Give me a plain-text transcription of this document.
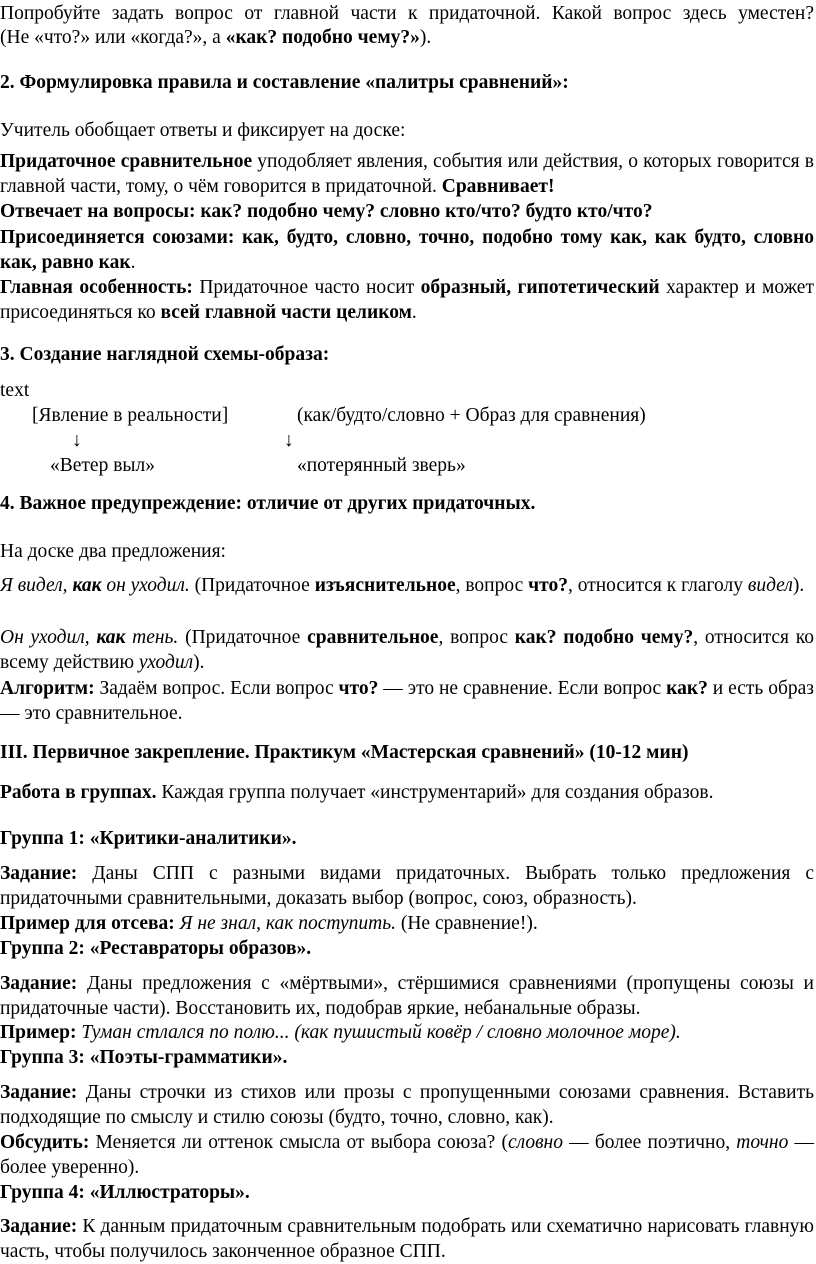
Попробуйте задать вопрос от главной части к придаточной. Какой вопрос здесь уместен?

(Не «что?» или «когда?», а «как? подобно чему?»).

2. Формулировка правила и составление «палитры сравнений»:

Учитель обобщает ответы и фиксирует на доске:

Придаточное сравнительное уподобляет явления, события или действия, о которых говорится в главной части, тому, о чём говорится в придаточной. Сравнивает!

Отвечает на вопросы: как? подобно чему? словно кто/что? будто кто/что?

Присоединяется союзами: как, будто, словно, точно, подобно тому как, как будто, словно как, равно как.

Главная особенность: Придаточное часто носит образный, гипотетический характер и может присоединяться ко всей главной части целиком.

3. Создание наглядной схемы-образа:

text
[Явление в реальности]	(как/будто/словно + Образ для сравнения)
↓	↓
«Ветер выл»	«потерянный зверь»

4. Важное предупреждение: отличие от других придаточных.

На доске два предложения:

Я видел, как он уходил. (Придаточное изъяснительное, вопрос что?, относится к глаголу видел).

Он уходил, как тень. (Придаточное сравнительное, вопрос как? подобно чему?, относится ко всему действию уходил).

Алгоритм: Задаём вопрос. Если вопрос что? — это не сравнение. Если вопрос как? и есть образ — это сравнительное.

III. Первичное закрепление. Практикум «Мастерская сравнений» (10-12 мин)

Работа в группах. Каждая группа получает «инструментарий» для создания образов.

Группа 1: «Критики-аналитики».

Задание: Даны СПП с разными видами придаточных. Выбрать только предложения с придаточными сравнительными, доказать выбор (вопрос, союз, образность).

Пример для отсева: Я не знал, как поступить. (Не сравнение!).

Группа 2: «Реставраторы образов».

Задание: Даны предложения с «мёртвыми», стёршимися сравнениями (пропущены союзы и придаточные части). Восстановить их, подобрав яркие, небанальные образы.

Пример: Туман стлался по полю... (как пушистый ковёр / словно молочное море).

Группа 3: «Поэты-грамматики».

Задание: Даны строчки из стихов или прозы с пропущенными союзами сравнения. Вставить подходящие по смыслу и стилю союзы (будто, точно, словно, как).

Обсудить: Меняется ли оттенок смысла от выбора союза? (словно — более поэтично, точно — более уверенно).

Группа 4: «Иллюстраторы».

Задание: К данным придаточным сравнительным подобрать или схематично нарисовать главную часть, чтобы получилось законченное образное СПП.
